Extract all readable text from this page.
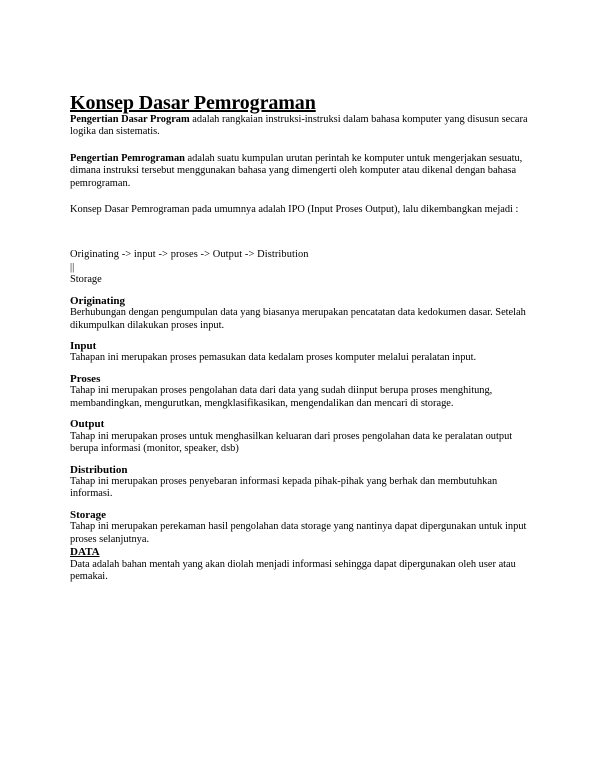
Konsep Dasar Pemrograman

Pengertian Dasar Program adalah rangkaian instruksi-instruksi dalam bahasa komputer yang disusun secara logika dan sistematis.

Pengertian Pemrograman adalah suatu kumpulan urutan perintah ke komputer untuk mengerjakan sesuatu, dimana instruksi tersebut menggunakan bahasa yang dimengerti oleh komputer atau dikenal dengan bahasa pemrograman.

Konsep Dasar Pemrograman pada umumnya adalah IPO (Input Proses Output), lalu dikembangkan mejadi :

Originating -> input -> proses -> Output -> Distribution

||

Storage

Originating

Berhubungan dengan pengumpulan data yang biasanya merupakan pencatatan data kedokumen dasar. Setelah dikumpulkan dilakukan proses input.

Input

Tahapan ini merupakan proses pemasukan data kedalam proses komputer melalui peralatan input.

Proses

Tahap ini merupakan proses pengolahan data dari data yang sudah diinput berupa proses menghitung, membandingkan, mengurutkan, mengklasifikasikan, mengendalikan dan mencari di storage.

Output

Tahap ini merupakan proses untuk menghasilkan keluaran dari proses pengolahan data ke peralatan output berupa informasi (monitor, speaker, dsb)

Distribution

Tahap ini merupakan proses penyebaran informasi kepada pihak-pihak yang berhak dan membutuhkan informasi.

Storage

Tahap ini merupakan perekaman hasil pengolahan data storage yang nantinya dapat dipergunakan untuk input proses selanjutnya.

DATA

Data adalah bahan mentah yang akan diolah menjadi informasi sehingga dapat dipergunakan oleh user atau pemakai.
